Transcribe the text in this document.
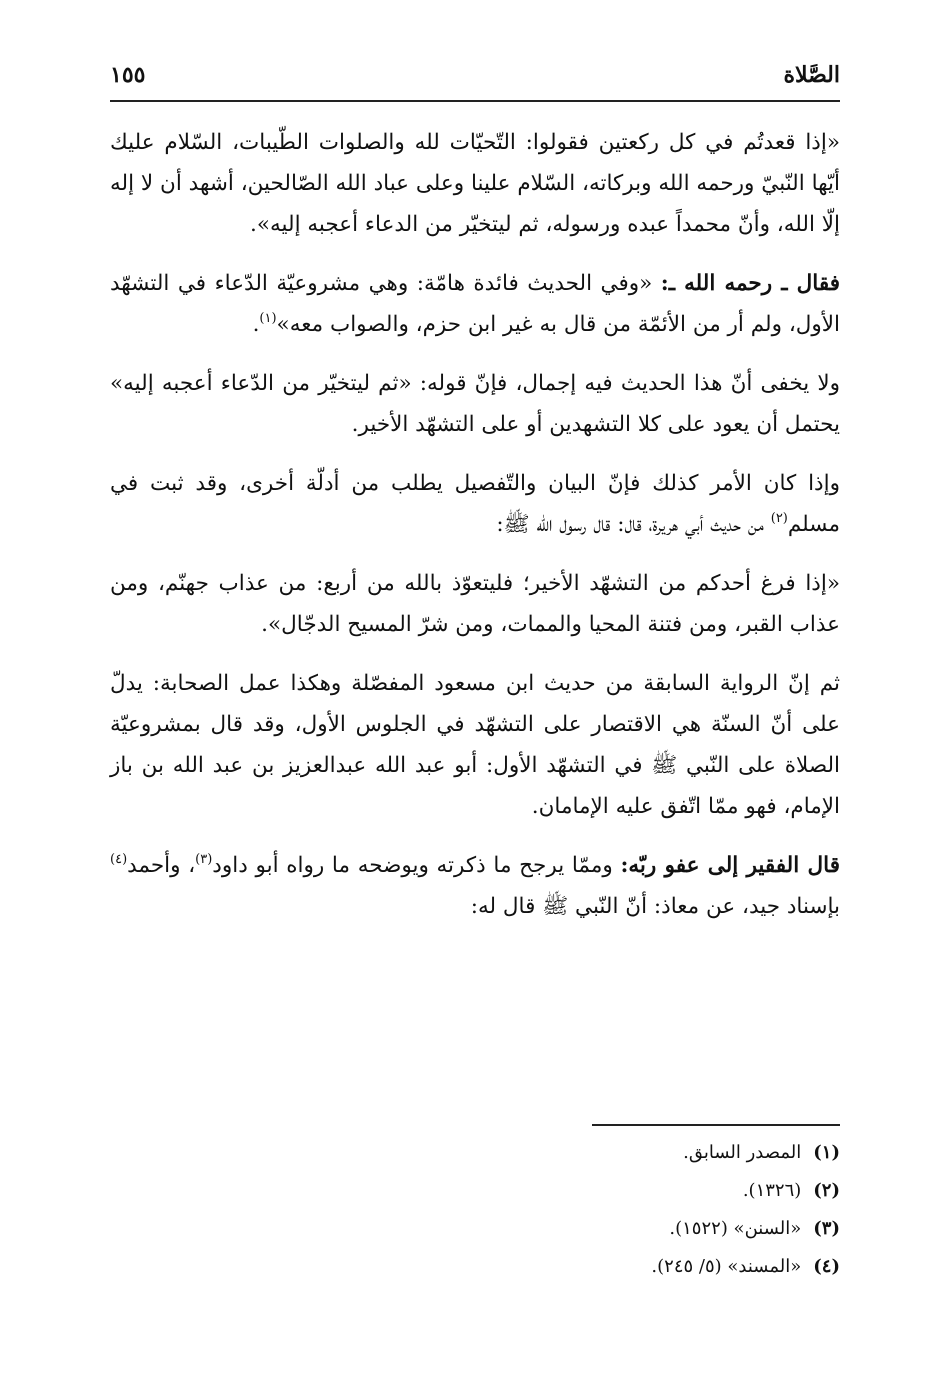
الصَّلاة
١٥٥

«إذا قعدتُم في كل ركعتين فقولوا: التّحيّات لله والصلوات الطّيبات، السّلام عليك أيّها النّبيّ ورحمه الله وبركاته، السّلام علينا وعلى عباد الله الصّالحين، أشهد أن لا إله إلّا الله، وأنّ محمداً عبده ورسوله، ثم ليتخيّر من الدعاء أعجبه إليه».

فقال ـ رحمه الله ـ: «وفي الحديث فائدة هامّة: وهي مشروعيّة الدّعاء في التشهّد الأول، ولم أر من الأئمّة من قال به غير ابن حزم، والصواب معه»$^{(١)}$.

ولا يخفى أنّ هذا الحديث فيه إجمال، فإنّ قوله: «ثم ليتخيّر من الدّعاء أعجبه إليه» يحتمل أن يعود على كلا التشهدين أو على التشهّد الأخير.

وإذا كان الأمر كذلك فإنّ البيان والتّفصيل يطلب من أدلّة أخرى، وقد ثبت في مسلم$^{(٢)}$ من حديث أبي هريرة، قال: قال رسول الله ﷺ:

«إذا فرغ أحدكم من التشهّد الأخير؛ فليتعوّذ بالله من أربع: من عذاب جهنّم، ومن عذاب القبر، ومن فتنة المحيا والممات، ومن شرّ المسيح الدجّال».

ثم إنّ الرواية السابقة من حديث ابن مسعود المفصّلة وهكذا عمل الصحابة: يدلّ على أنّ السنّة هي الاقتصار على التشهّد في الجلوس الأول، وقد قال بمشروعيّة الصلاة على النّبي ﷺ في التشهّد الأول: أبو عبد الله عبدالعزيز بن عبد الله بن باز الإمام، فهو ممّا اتّفق عليه الإمامان.

قال الفقير إلى عفو ربّه: وممّا يرجح ما ذكرته ويوضحه ما رواه أبو داود$^{(٣)}$، وأحمد$^{(٤)}$ بإسناد جيد، عن معاذ: أنّ النّبي ﷺ قال له:

(١)المصدر السابق.
(٢)(١٣٢٦).
(٣)«السنن» (١٥٢٢).
(٤)«المسند» (٥/ ٢٤٥).
